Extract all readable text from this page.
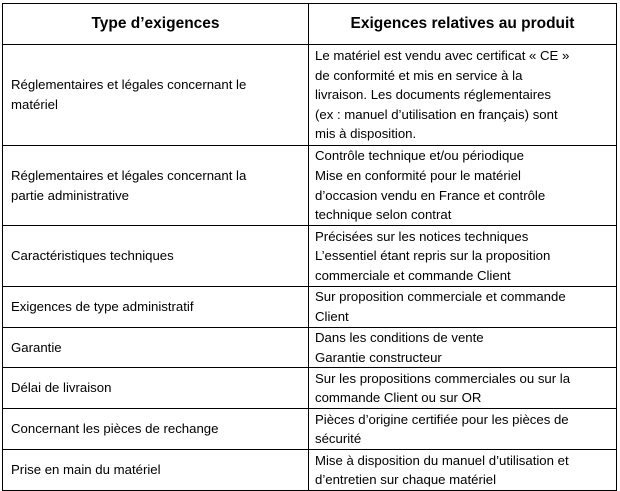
Type d’exigences	Exigences relatives au produit

Réglementaires et légales concernant le
matériel	Le matériel est vendu avec certificat « CE »
de conformité et mis en service à la
livraison. Les documents réglementaires
(ex : manuel d’utilisation en français) sont
mis à disposition.

Réglementaires et légales concernant la
partie administrative	Contrôle technique et/ou périodique
Mise en conformité pour le matériel
d’occasion vendu en France et contrôle
technique selon contrat

Caractéristiques techniques	Précisées sur les notices techniques
L’essentiel étant repris sur la proposition
commerciale et commande Client

Exigences de type administratif	Sur proposition commerciale et commande
Client

Garantie	Dans les conditions de vente
Garantie constructeur

Délai de livraison	Sur les propositions commerciales ou sur la
commande Client ou sur OR

Concernant les pièces de rechange	Pièces d’origine certifiée pour les pièces de
sécurité

Prise en main du matériel	Mise à disposition du manuel d’utilisation et
d’entretien sur chaque matériel
